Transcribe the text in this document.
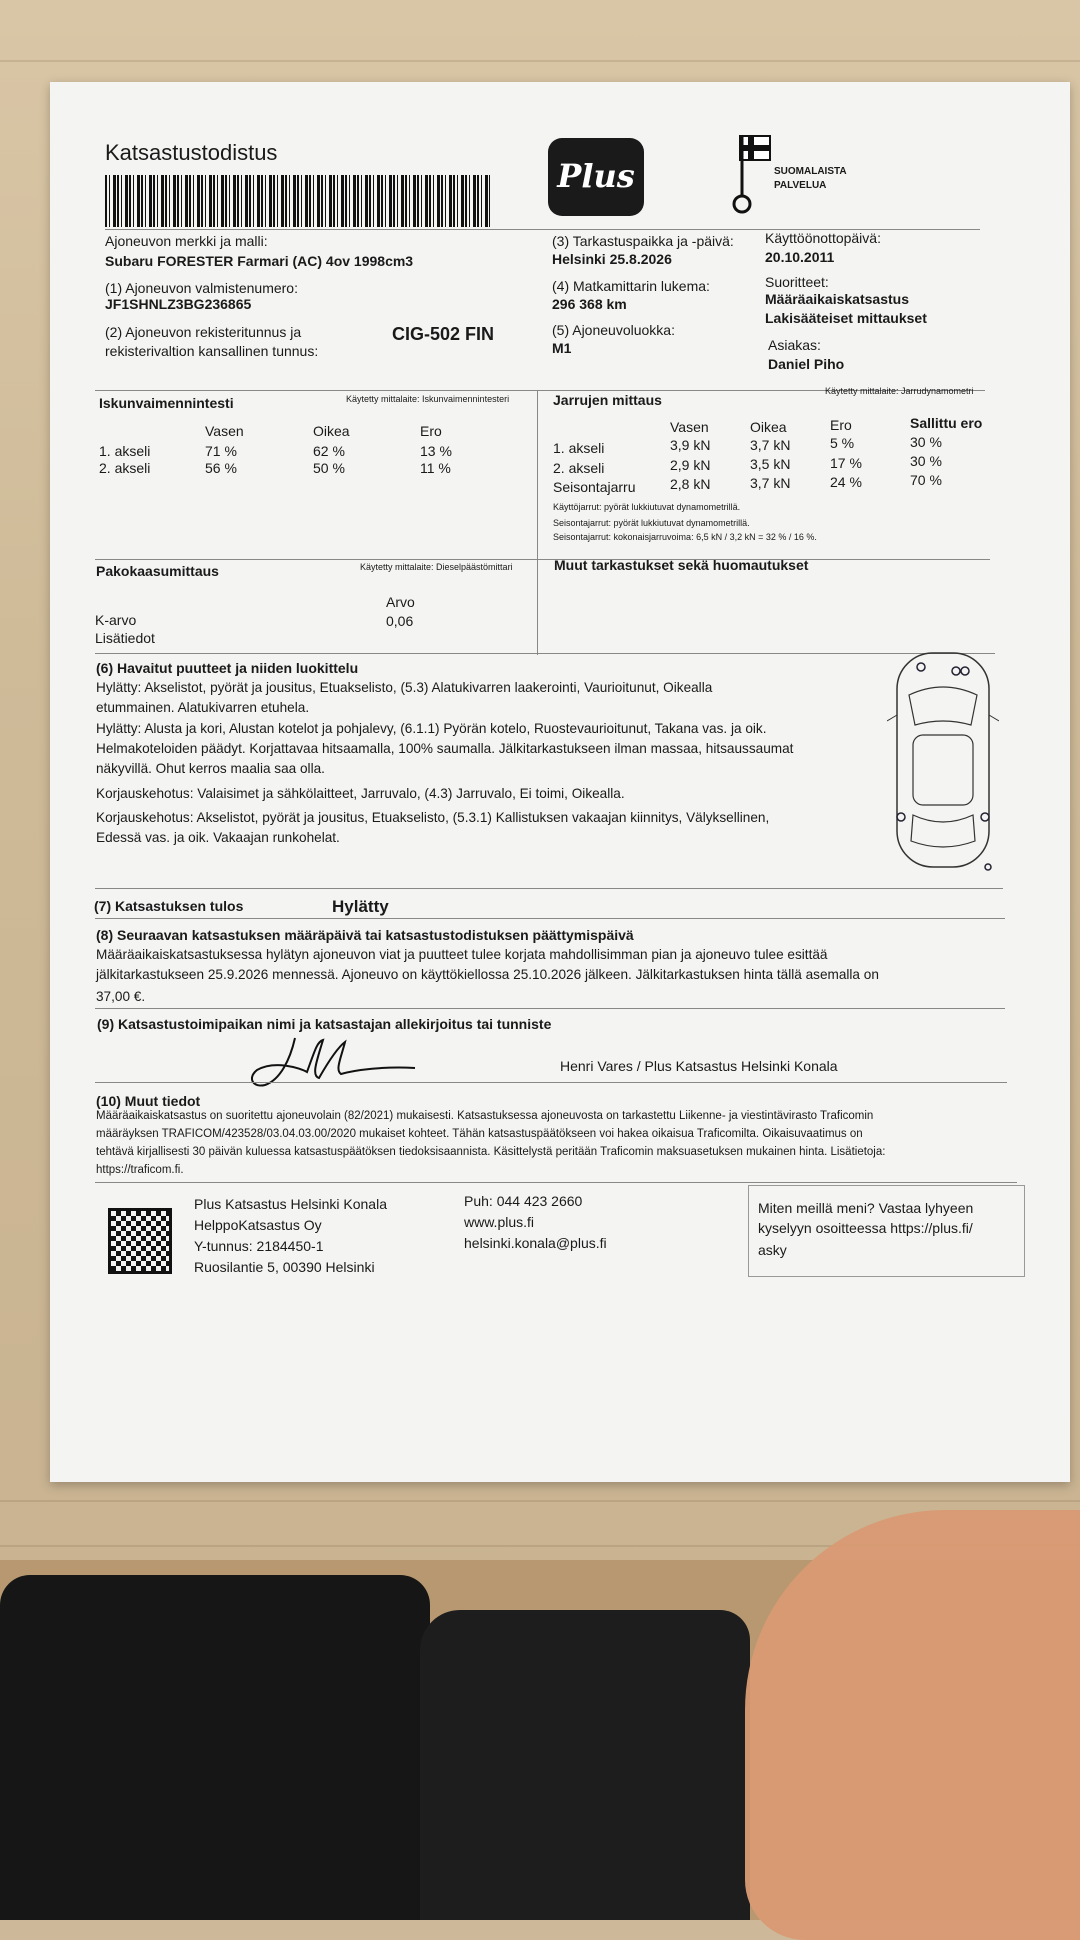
Katsastustodistus
Plus	SUOMALAISTA
PALVELUA
Ajoneuvon merkki ja malli:
Subaru FORESTER Farmari (AC) 4ov 1998cm3
(1) Ajoneuvon valmistenumero:
JF1SHNLZ3BG236865
(2) Ajoneuvon rekisteritunnus ja
rekisterivaltion kansallinen tunnus:
CIG-502 FIN
(3) Tarkastuspaikka ja -päivä:
Helsinki 25.8.2026
(4) Matkamittarin lukema:
296 368 km
(5) Ajoneuvoluokka:
M1
Käyttöönottopäivä:
20.10.2011
Suoritteet:
Määräaikaiskatsastus
Lakisääteiset mittaukset
Asiakas:
Daniel Piho
Iskunvaimennintesti	Käytetty mittalaite: Iskunvaimennintesteri
Vasen	Oikea	Ero
1. akseli	71 %	62 %	13 %
2. akseli	56 %	50 %	11 %
Jarrujen mittaus
Käytetty mittalaite: Jarrudynamometri
Vasen	Oikea	Ero	Sallittu ero
1. akseli	3,9 kN	3,7 kN	5 %	30 %
2. akseli	2,9 kN	3,5 kN	17 %	30 %
Seisontajarru 2,8 kN	3,7 kN	24 %	70 %
Käyttöjarrut: pyörät lukkiutuvat dynamometrillä.
Seisontajarrut: pyörät lukkiutuvat dynamometrillä.
Seisontajarrut: kokonaisjarruvoima: 6,5 kN / 3,2 kN = 32 % / 16 %.
Pakokaasumittaus	Käytetty mittalaite: Dieselpäästömittari
Arvo
K-arvo	0,06
Lisätiedot
Muut tarkastukset sekä huomautukset
(6) Havaitut puutteet ja niiden luokittelu
Hylätty: Akselistot, pyörät ja jousitus, Etuakselisto, (5.3) Alatukivarren laakerointi, Vaurioitunut, Oikealla
etummainen. Alatukivarren etuhela.
Hylätty: Alusta ja kori, Alustan kotelot ja pohjalevy, (6.1.1) Pyörän kotelo, Ruostevaurioitunut, Takana vas. ja oik.
Helmakoteloiden päädyt. Korjattavaa hitsaamalla, 100% saumalla. Jälkitarkastukseen ilman massaa, hitsaussaumat
näkyvillä. Ohut kerros maalia saa olla.
Korjauskehotus: Valaisimet ja sähkölaitteet, Jarruvalo, (4.3) Jarruvalo, Ei toimi, Oikealla.
Korjauskehotus: Akselistot, pyörät ja jousitus, Etuakselisto, (5.3.1) Kallistuksen vakaajan kiinnitys, Välyksellinen,
Edessä vas. ja oik. Vakaajan runkohelat.
(7) Katsastuksen tulos	Hylätty
(8) Seuraavan katsastuksen määräpäivä tai katsastustodistuksen päättymispäivä
Määräaikaiskatsastuksessa hylätyn ajoneuvon viat ja puutteet tulee korjata mahdollisimman pian ja ajoneuvo tulee esittää
jälkitarkastukseen 25.9.2026 mennessä. Ajoneuvo on käyttökiellossa 25.10.2026 jälkeen. Jälkitarkastuksen hinta tällä asemalla on
37,00 €.
(9) Katsastustoimipaikan nimi ja katsastajan allekirjoitus tai tunniste
Henri Vares / Plus Katsastus Helsinki Konala
(10) Muut tiedot
Määräaikaiskatsastus on suoritettu ajoneuvolain (82/2021) mukaisesti. Katsastuksessa ajoneuvosta on tarkastettu Liikenne- ja viestintävirasto Traficomin
määräyksen TRAFICOM/423528/03.04.03.00/2020 mukaiset kohteet. Tähän katsastuspäätökseen voi hakea oikaisua Traficomilta. Oikaisuvaatimus on
tehtävä kirjallisesti 30 päivän kuluessa katsastuspäätöksen tiedoksisaannista. Käsittelystä peritään Traficomin maksuasetuksen mukainen hinta. Lisätietoja:
https://traficom.fi.
Plus Katsastus Helsinki Konala
HelppoKatsastus Oy
Y-tunnus: 2184450-1
Ruosilantie 5, 00390 Helsinki
Puh: 044 423 2660
www.plus.fi
helsinki.konala@plus.fi
Miten meillä meni? Vastaa lyhyeen
kyselyyn osoitteessa https://plus.fi/
asky
